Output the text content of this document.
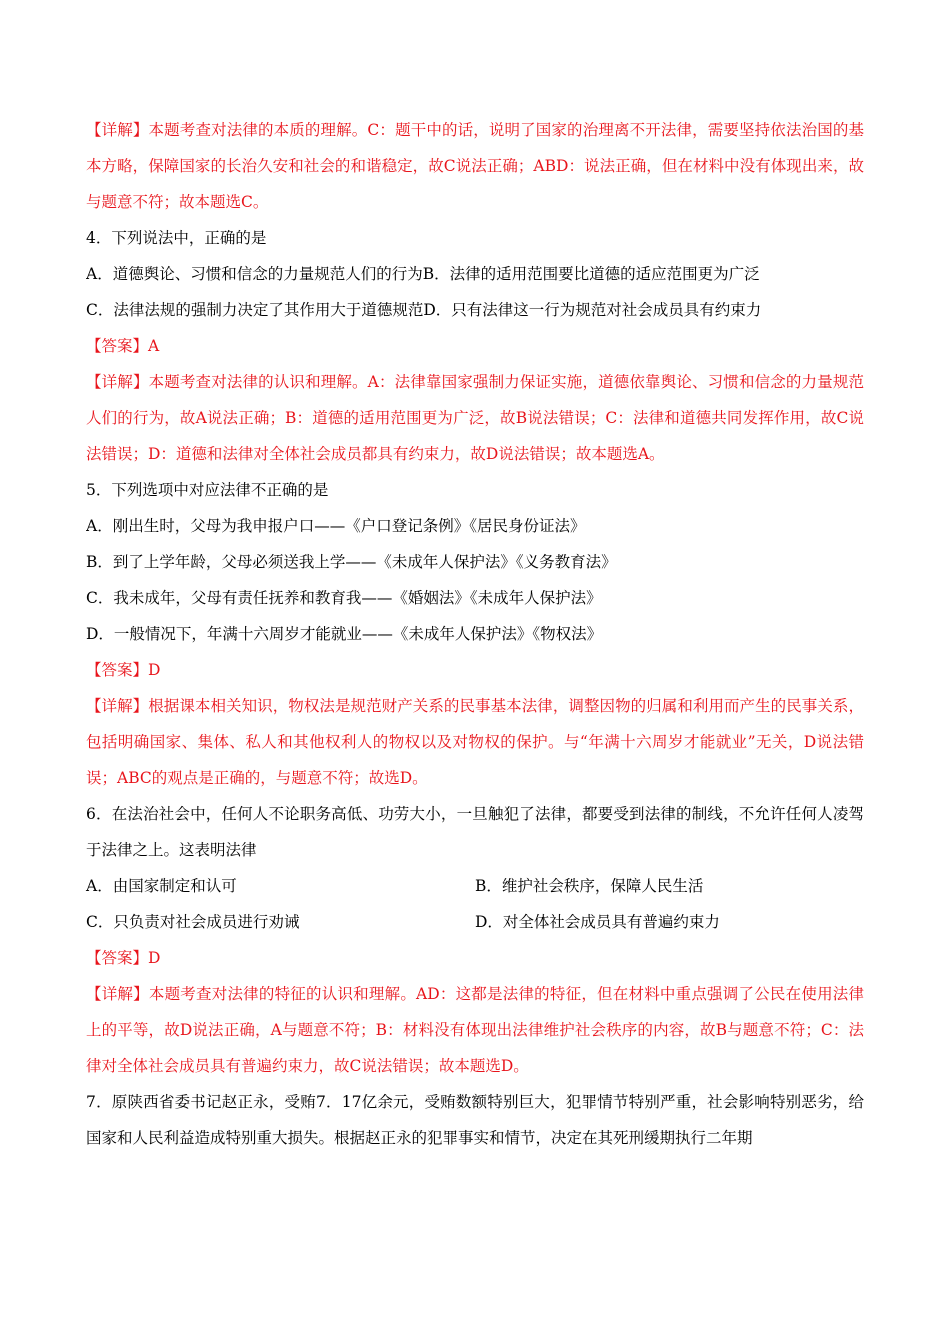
【详解】本题考查对法律的本质的理解。C：题干中的话，说明了国家的治理离不开法律，需要坚持依法治国的基本方略，保障国家的长治久安和社会的和谐稳定，故C说法正确；ABD：说法正确，但在材料中没有体现出来，故与题意不符；故本题选C。
4．下列说法中，正确的是
A．道德舆论、习惯和信念的力量规范人们的行为B．法律的适用范围要比道德的适应范围更为广泛
C．法律法规的强制力决定了其作用大于道德规范D．只有法律这一行为规范对社会成员具有约束力
【答案】A
【详解】本题考查对法律的认识和理解。A：法律靠国家强制力保证实施，道德依靠舆论、习惯和信念的力量规范人们的行为，故A说法正确；B：道德的适用范围更为广泛，故B说法错误；C：法律和道德共同发挥作用，故C说法错误；D：道德和法律对全体社会成员都具有约束力，故D说法错误；故本题选A。
5．下列选项中对应法律不正确的是
A．刚出生时，父母为我申报户口——《户口登记条例》《居民身份证法》
B．到了上学年龄，父母必须送我上学——《未成年人保护法》《义务教育法》
C．我未成年，父母有责任抚养和教育我——《婚姻法》《未成年人保护法》
D．一般情况下，年满十六周岁才能就业——《未成年人保护法》《物权法》
【答案】D
【详解】根据课本相关知识，物权法是规范财产关系的民事基本法律，调整因物的归属和利用而产生的民事关系，包括明确国家、集体、私人和其他权利人的物权以及对物权的保护。与“年满十六周岁才能就业”无关，D说法错误；ABC的观点是正确的，与题意不符；故选D。
6．在法治社会中，任何人不论职务高低、功劳大小，一旦触犯了法律，都要受到法律的制线，不允许任何人凌驾于法律之上。这表明法律
A．由国家制定和认可	B．维护社会秩序，保障人民生活
C．只负责对社会成员进行劝诫	D．对全体社会成员具有普遍约束力
【答案】D
【详解】本题考查对法律的特征的认识和理解。AD：这都是法律的特征，但在材料中重点强调了公民在使用法律上的平等，故D说法正确，A与题意不符；B：材料没有体现出法律维护社会秩序的内容，故B与题意不符；C：法律对全体社会成员具有普遍约束力，故C说法错误；故本题选D。
7．原陕西省委书记赵正永，受贿7．17亿余元，受贿数额特别巨大，犯罪情节特别严重，社会影响特别恶劣，给国家和人民利益造成特别重大损失。根据赵正永的犯罪事实和情节，决定在其死刑缓期执行二年期
